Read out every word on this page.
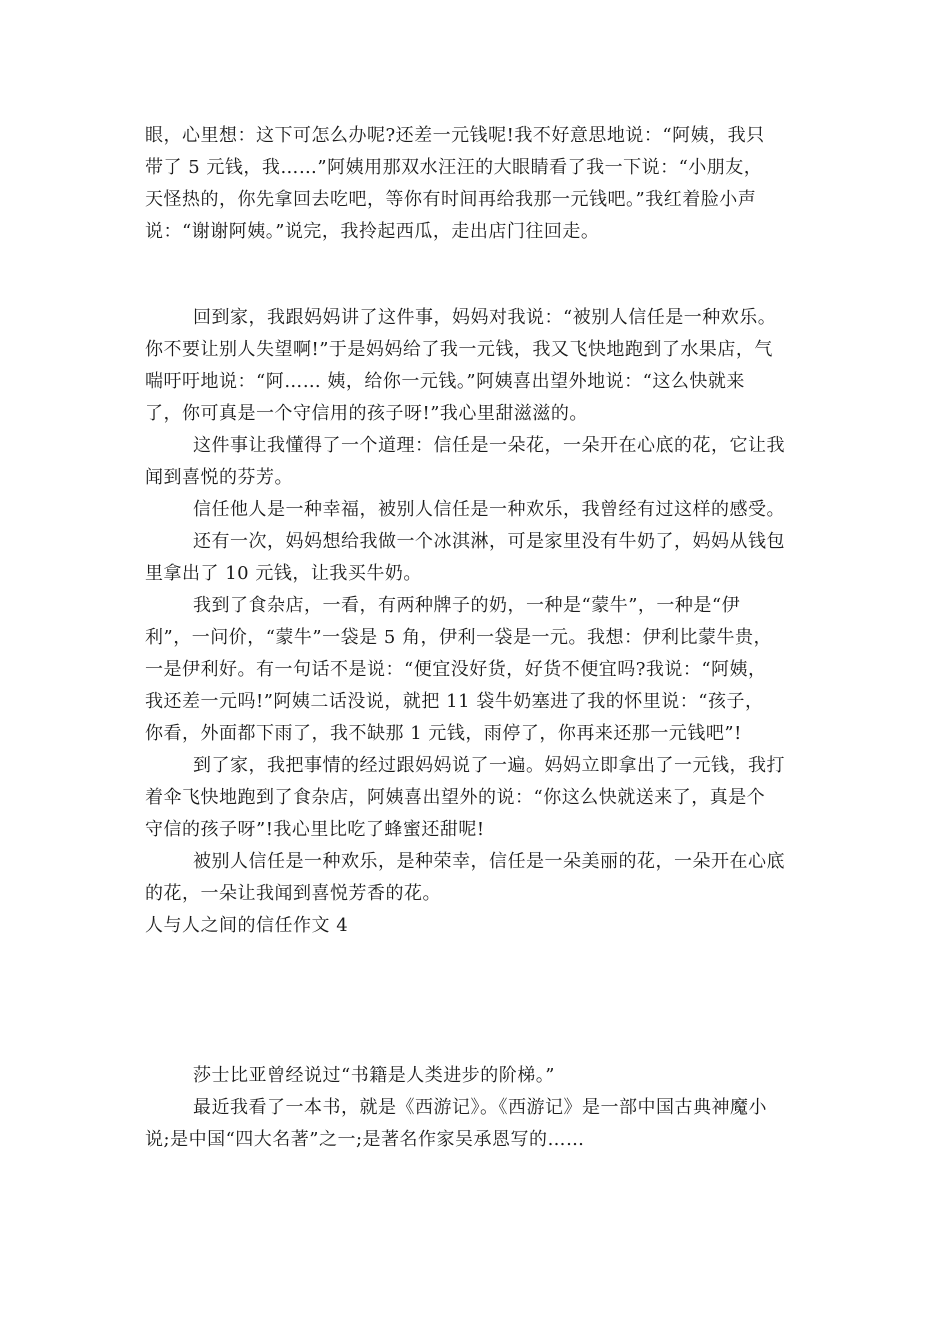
眼，心里想：这下可怎么办呢?还差一元钱呢!我不好意思地说：“阿姨，我只
带了 5 元钱，我……”阿姨用那双水汪汪的大眼睛看了我一下说：“小朋友，
天怪热的，你先拿回去吃吧，等你有时间再给我那一元钱吧。”我红着脸小声
说：“谢谢阿姨。”说完，我拎起西瓜，走出店门往回走。
回到家，我跟妈妈讲了这件事，妈妈对我说：“被别人信任是一种欢乐。
你不要让别人失望啊!”于是妈妈给了我一元钱，我又飞快地跑到了水果店，气
喘吁吁地说：“阿…… 姨，给你一元钱。”阿姨喜出望外地说：“这么快就来
了，你可真是一个守信用的孩子呀!”我心里甜滋滋的。
这件事让我懂得了一个道理：信任是一朵花，一朵开在心底的花，它让我
闻到喜悦的芬芳。
信任他人是一种幸福，被别人信任是一种欢乐，我曾经有过这样的感受。
还有一次，妈妈想给我做一个冰淇淋，可是家里没有牛奶了，妈妈从钱包
里拿出了 10 元钱，让我买牛奶。
我到了食杂店，一看，有两种牌子的奶，一种是“蒙牛”，一种是“伊
利”，一问价，“蒙牛”一袋是 5 角，伊利一袋是一元。我想：伊利比蒙牛贵，
一是伊利好。有一句话不是说：“便宜没好货，好货不便宜吗?我说：“阿姨，
我还差一元吗!”阿姨二话没说，就把 11 袋牛奶塞进了我的怀里说：“孩子，
你看，外面都下雨了，我不缺那 1 元钱，雨停了，你再来还那一元钱吧”!
到了家，我把事情的经过跟妈妈说了一遍。妈妈立即拿出了一元钱，我打
着伞飞快地跑到了食杂店，阿姨喜出望外的说：“你这么快就送来了，真是个
守信的孩子呀”!我心里比吃了蜂蜜还甜呢!
被别人信任是一种欢乐，是种荣幸，信任是一朵美丽的花，一朵开在心底
的花，一朵让我闻到喜悦芳香的花。
人与人之间的信任作文 4
莎士比亚曾经说过“书籍是人类进步的阶梯。”
最近我看了一本书，就是《西游记》。《西游记》是一部中国古典神魔小
说;是中国“四大名著”之一;是著名作家吴承恩写的……
